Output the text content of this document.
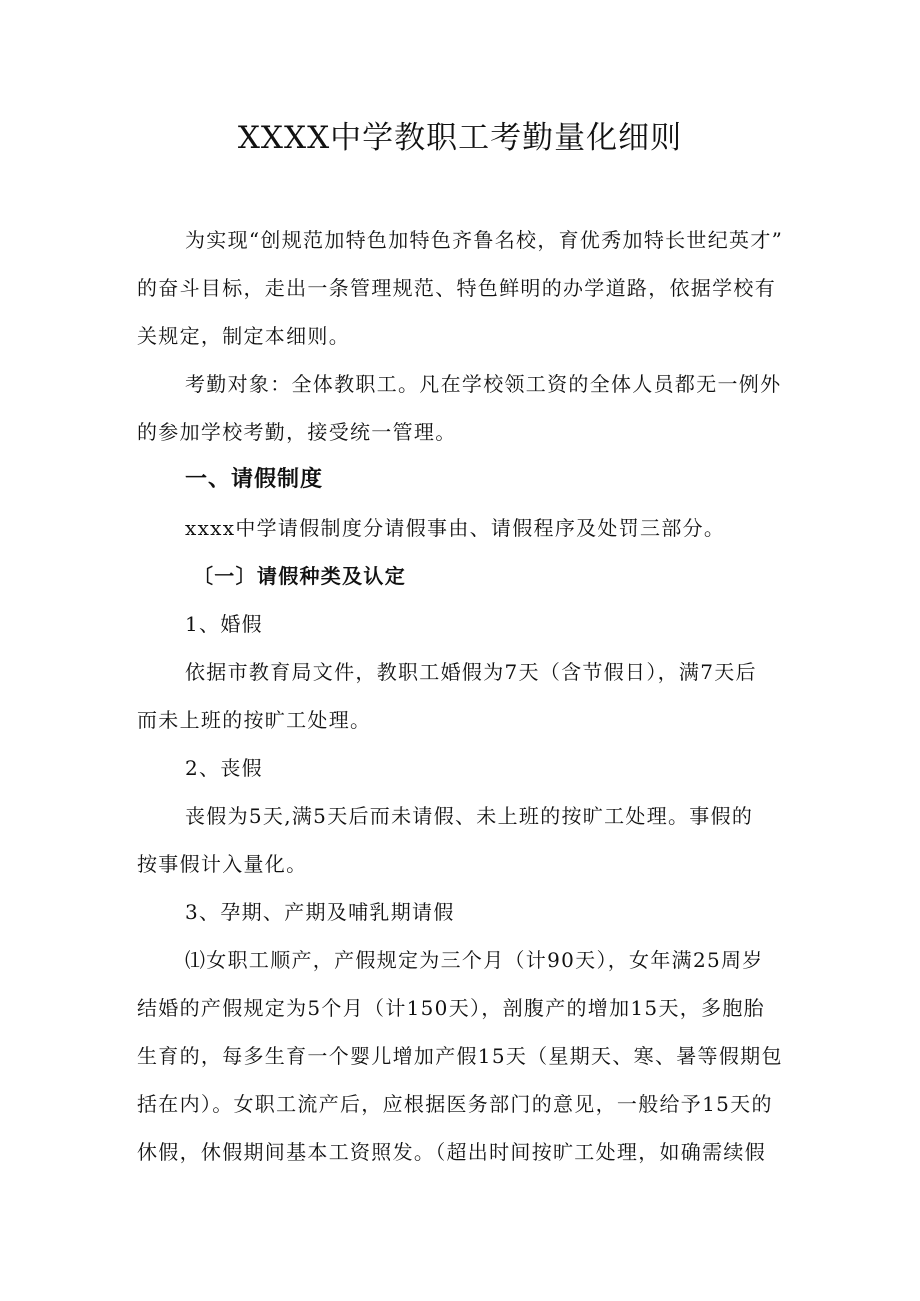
XXXX中学教职工考勤量化细则
为实现“创规范加特色加特色齐鲁名校，育优秀加特长世纪英才”
的奋斗目标，走出一条管理规范、特色鲜明的办学道路，依据学校有
关规定，制定本细则。
考勤对象：全体教职工。凡在学校领工资的全体人员都无一例外
的参加学校考勤，接受统一管理。
一、请假制度
xxxx中学请假制度分请假事由、请假程序及处罚三部分。
〔一〕请假种类及认定
1、婚假
依据市教育局文件，教职工婚假为7天（含节假日），满7天后
而未上班的按旷工处理。
2、丧假
丧假为5天,满5天后而未请假、未上班的按旷工处理。事假的
按事假计入量化。
3、孕期、产期及哺乳期请假
⑴女职工顺产，产假规定为三个月（计90天），女年满25周岁
结婚的产假规定为5个月（计150天），剖腹产的增加15天，多胞胎
生育的，每多生育一个婴儿增加产假15天（星期天、寒、暑等假期包
括在内）。女职工流产后，应根据医务部门的意见，一般给予15天的
休假，休假期间基本工资照发。（超出时间按旷工处理，如确需续假
